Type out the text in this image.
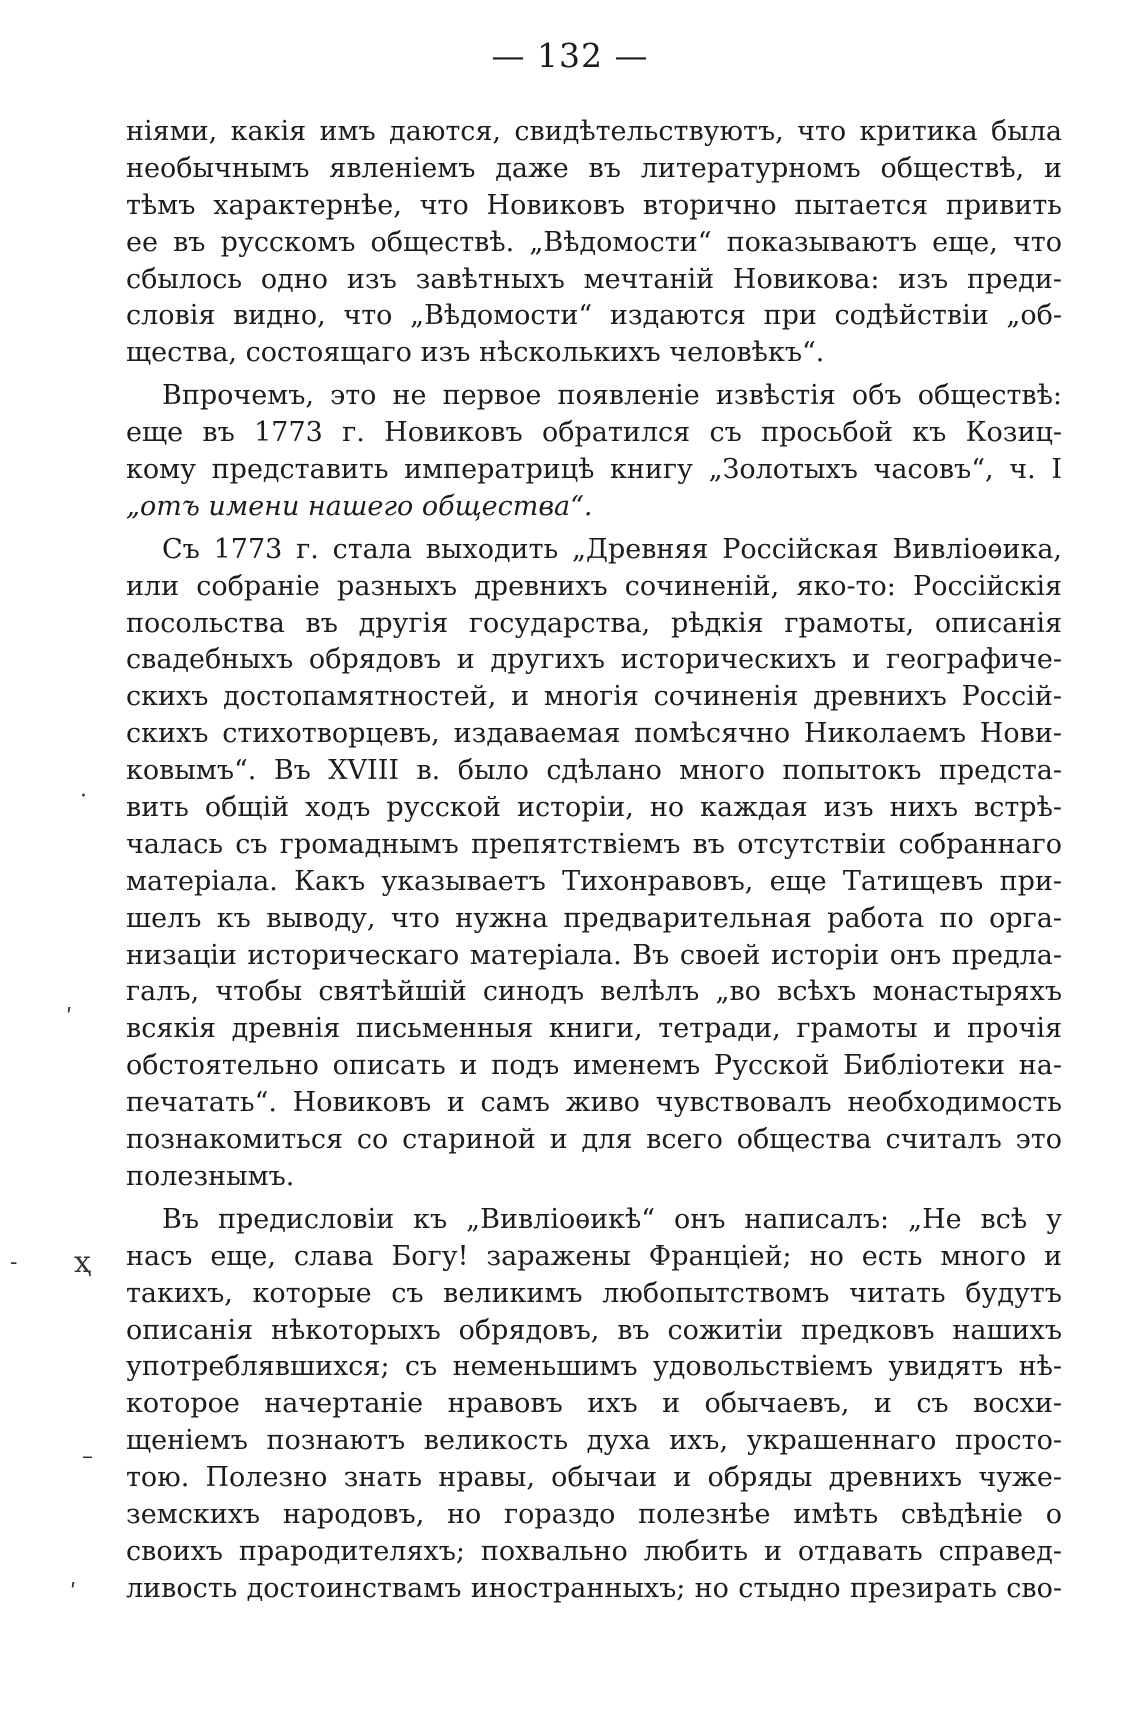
— 132 —
·
ʹ
- ҳ
–
ʹ
ніями, какія имъ даются, свидѣтельствуютъ, что критика была
необычнымъ явленіемъ даже въ литературномъ обществѣ, и
тѣмъ характернѣе, что Новиковъ вторично пытается привить
ее въ русскомъ обществѣ. „Вѣдомости“ показываютъ еще, что
сбылось одно изъ завѣтныхъ мечтаній Новикова: изъ преди-
словія видно, что „Вѣдомости“ издаются при содѣйствіи „об-
щества, состоящаго изъ нѣсколькихъ человѣкъ“.
Впрочемъ, это не первое появленіе извѣстія объ обществѣ:
еще въ 1773 г. Новиковъ обратился съ просьбой къ Козиц-
кому представить императрицѣ книгу „Золотыхъ часовъ“, ч. I
„отъ имени нашего общества“.
Съ 1773 г. стала выходить „Древняя Россійская Вивліоѳика,
или собраніе разныхъ древнихъ сочиненій, яко-то: Россійскія
посольства въ другія государства, рѣдкія грамоты, описанія
свадебныхъ обрядовъ и другихъ историческихъ и географиче-
скихъ достопамятностей, и многія сочиненія древнихъ Россій-
скихъ стихотворцевъ, издаваемая помѣсячно Николаемъ Нови-
ковымъ“. Въ XVIII в. было сдѣлано много попытокъ предста-
вить общій ходъ русской исторіи, но каждая изъ нихъ встрѣ-
чалась съ громаднымъ препятствіемъ въ отсутствіи собраннаго
матеріала. Какъ указываетъ Тихонравовъ, еще Татищевъ при-
шелъ къ выводу, что нужна предварительная работа по орга-
низаціи историческаго матеріала. Въ своей исторіи онъ предла-
галъ, чтобы святѣйшій синодъ велѣлъ „во всѣхъ монастыряхъ
всякія древнія письменныя книги, тетради, грамоты и прочія
обстоятельно описать и подъ именемъ Русской Библіотеки на-
печатать“. Новиковъ и самъ живо чувствовалъ необходимость
познакомиться со стариной и для всего общества считалъ это
полезнымъ.
Въ предисловіи къ „Вивліоѳикѣ“ онъ написалъ: „Не всѣ у
насъ еще, слава Богу! заражены Франціей; но есть много и
такихъ, которые съ великимъ любопытствомъ читать будутъ
описанія нѣкоторыхъ обрядовъ, въ сожитіи предковъ нашихъ
употреблявшихся; съ неменьшимъ удовольствіемъ увидятъ нѣ-
которое начертаніе нравовъ ихъ и обычаевъ, и съ восхи-
щеніемъ познаютъ великость духа ихъ, украшеннаго просто-
тою. Полезно знать нравы, обычаи и обряды древнихъ чуже-
земскихъ народовъ, но гораздо полезнѣе имѣть свѣдѣніе о
своихъ прародителяхъ; похвально любить и отдавать справед-
ливость достоинствамъ иностранныхъ; но стыдно презирать сво-
